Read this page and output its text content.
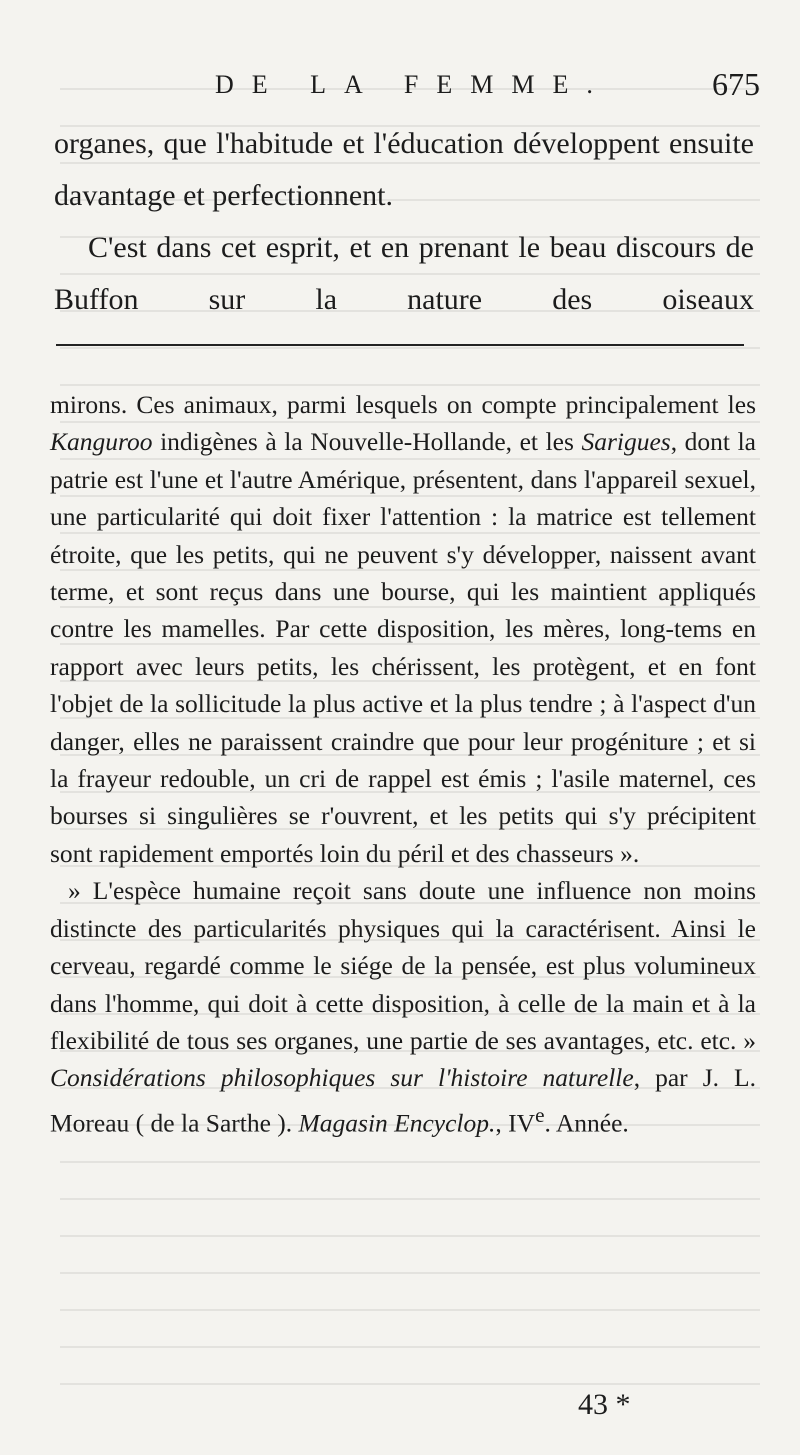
DE LA FEMME.	675

organes, que l'habitude et l'éducation développent ensuite davantage et perfectionnent.

C'est dans cet esprit, et en prenant le beau discours de Buffon sur la nature des oiseaux

mirons. Ces animaux, parmi lesquels on compte principalement les Kanguroo indigènes à la Nouvelle-Hollande, et les Sarigues, dont la patrie est l'une et l'autre Amérique, présentent, dans l'appareil sexuel, une particularité qui doit fixer l'attention : la matrice est tellement étroite, que les petits, qui ne peuvent s'y développer, naissent avant terme, et sont reçus dans une bourse, qui les maintient appliqués contre les mamelles. Par cette disposition, les mères, long-tems en rapport avec leurs petits, les chérissent, les protègent, et en font l'objet de la sollicitude la plus active et la plus tendre ; à l'aspect d'un danger, elles ne paraissent craindre que pour leur progéniture ; et si la frayeur redouble, un cri de rappel est émis ; l'asile maternel, ces bourses si singulières se r'ouvrent, et les petits qui s'y précipitent sont rapidement emportés loin du péril et des chasseurs ».

» L'espèce humaine reçoit sans doute une influence non moins distincte des particularités physiques qui la caractérisent. Ainsi le cerveau, regardé comme le siége de la pensée, est plus volumineux dans l'homme, qui doit à cette disposition, à celle de la main et à la flexibilité de tous ses organes, une partie de ses avantages, etc. etc. » Considérations philosophiques sur l'histoire naturelle, par J. L. Moreau ( de la Sarthe ). Magasin Encyclop., IVe. Année.

43 *
